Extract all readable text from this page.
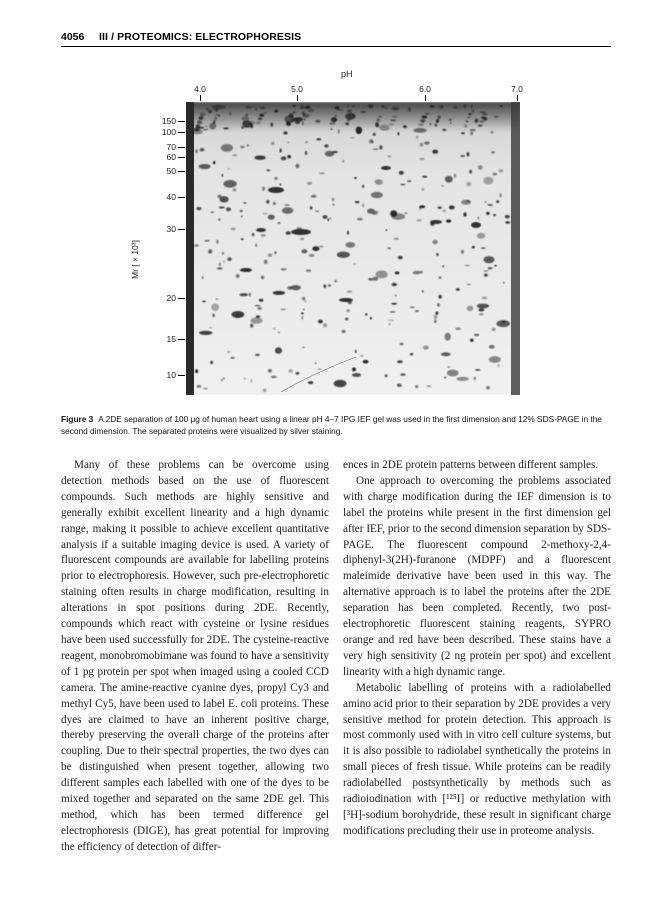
4056 III / PROTEOMICS: ELECTROPHORESIS
pH
4.0	5.0	6.0	7.0
150
100
70
60
50
40
30
20
15
10
Mr [ × 10³]
Figure 3 A 2DE separation of 100 μg of human heart using a linear pH 4–7 IPG IEF gel was used in the first dimension and 12% SDS-PAGE in the second dimension. The separated proteins were visualized by silver staining.

Many of these problems can be overcome using detection methods based on the use of fluorescent compounds. Such methods are highly sensitive and generally exhibit excellent linearity and a high dynamic range, making it possible to achieve excellent quantitative analysis if a suitable imaging device is used. A variety of fluorescent compounds are available for labelling proteins prior to electrophoresis. However, such pre-electrophoretic staining often results in charge modification, resulting in alterations in spot positions during 2DE. Recently, compounds which react with cysteine or lysine residues have been used successfully for 2DE. The cysteine-reactive reagent, monobromobimane was found to have a sensitivity of 1 pg protein per spot when imaged using a cooled CCD camera. The amine-reactive cyanine dyes, propyl Cy3 and methyl Cy5, have been used to label E. coli proteins. These dyes are claimed to have an inherent positive charge, thereby preserving the overall charge of the proteins after coupling. Due to their spectral properties, the two dyes can be distinguished when present together, allowing two different samples each labelled with one of the dyes to be mixed together and separated on the same 2DE gel. This method, which has been termed difference gel electrophoresis (DIGE), has great potential for improving the efficiency of detection of differ-

ences in 2DE protein patterns between different samples.

One approach to overcoming the problems associated with charge modification during the IEF dimension is to label the proteins while present in the first dimension gel after IEF, prior to the second dimension separation by SDS-PAGE. The fluorescent compound 2-methoxy-2,4-diphenyl-3(2H)-furanone (MDPF) and a fluorescent maleimide derivative have been used in this way. The alternative approach is to label the proteins after the 2DE separation has been completed. Recently, two post-electrophoretic fluorescent staining reagents, SYPRO orange and red have been described. These stains have a very high sensitivity (2 ng protein per spot) and excellent linearity with a high dynamic range.

Metabolic labelling of proteins with a radiolabelled amino acid prior to their separation by 2DE provides a very sensitive method for protein detection. This approach is most commonly used with in vitro cell culture systems, but it is also possible to radiolabel synthetically the proteins in small pieces of fresh tissue. While proteins can be readily radiolabelled postsynthetically by methods such as radioiodination with [¹²⁵I] or reductive methylation with [³H]-sodium borohydride, these result in significant charge modifications precluding their use in proteome analysis.
